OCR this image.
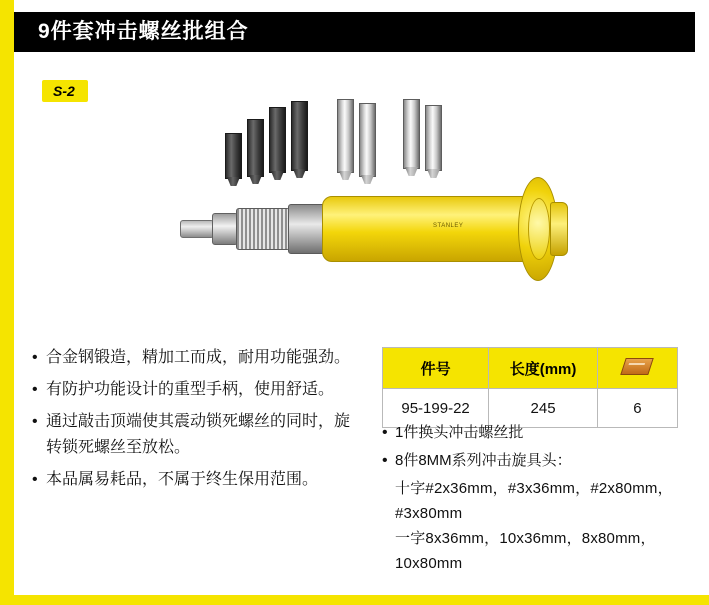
9件套冲击螺丝批组合
S-2
STANLEY
• 合金钢锻造，精加工而成，耐用功能强劲。
• 有防护功能设计的重型手柄，使用舒适。
• 通过敲击顶端使其震动锁死螺丝的同时，旋转锁死螺丝至放松。
• 本品属易耗品，不属于终生保用范围。
件号	长度(mm)	
95-199-22	245	6
• 1件换头冲击螺丝批
• 8件8MM系列冲击旋具头：
十字#2x36mm，#3x36mm，#2x80mm，
#3x80mm
一字8x36mm，10x36mm，8x80mm，
10x80mm
